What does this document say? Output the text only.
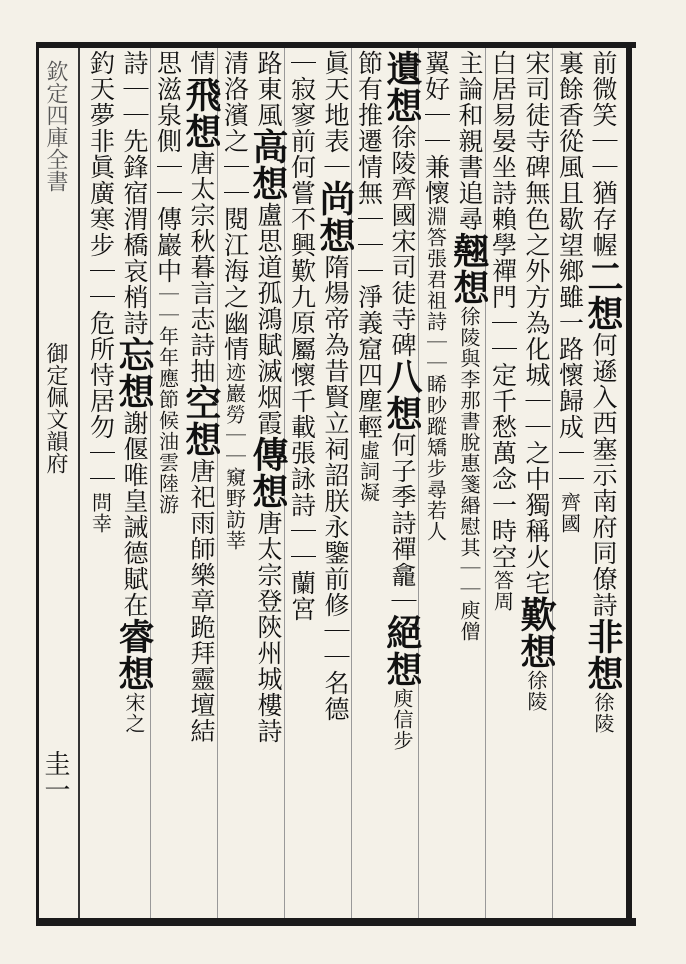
欽定四庫全書御定佩文韻府
圭一
前微笑｜｜猶存幄二想何遜入西塞示南府同僚詩非想徐陵
裏餘香從風且歇望鄉雖一路懷歸成｜｜齊國
宋司徒寺碑無色之外方為化城｜｜之中獨稱火宅歎想徐陵
白居易晏坐詩賴學禪門｜｜定千愁萬念一時空答周
主論和親書追尋翹想徐陵與李那書脫惠箋緡慰其｜｜庾僧
翼好｜｜兼懷淵答張君祖詩｜｜睎眇蹤矯步尋若人
遺想徐陵齊國宋司徒寺碑八想何子季詩禪龕｜絕想庾信步
節有推遷情無｜｜｜淨義窟四塵輕虛詞凝
眞天地表｜尚想隋煬帝為昔賢立祠詔朕永鑒前修｜｜名德
｜寂寥前何嘗不興歎九原屬懷千載張詠詩｜｜蘭宮
路東風高想盧思道孤鴻賦滅烟霞傳想唐太宗登陝州城樓詩
清洛濱之｜｜閱江海之幽情迹巖勞｜｜窺野訪莘
情飛想唐太宗秋暮言志詩抽空想唐祀雨師樂章跪拜靈壇結
思滋泉側｜｜傳巖中｜｜年年應節候油雲陸游
詩｜｜先鋒宿渭橋哀梢詩忘想謝偃唯皇誡德賦在睿想宋之
釣天夢非眞廣寒步｜｜危所恃居勿｜｜問幸
